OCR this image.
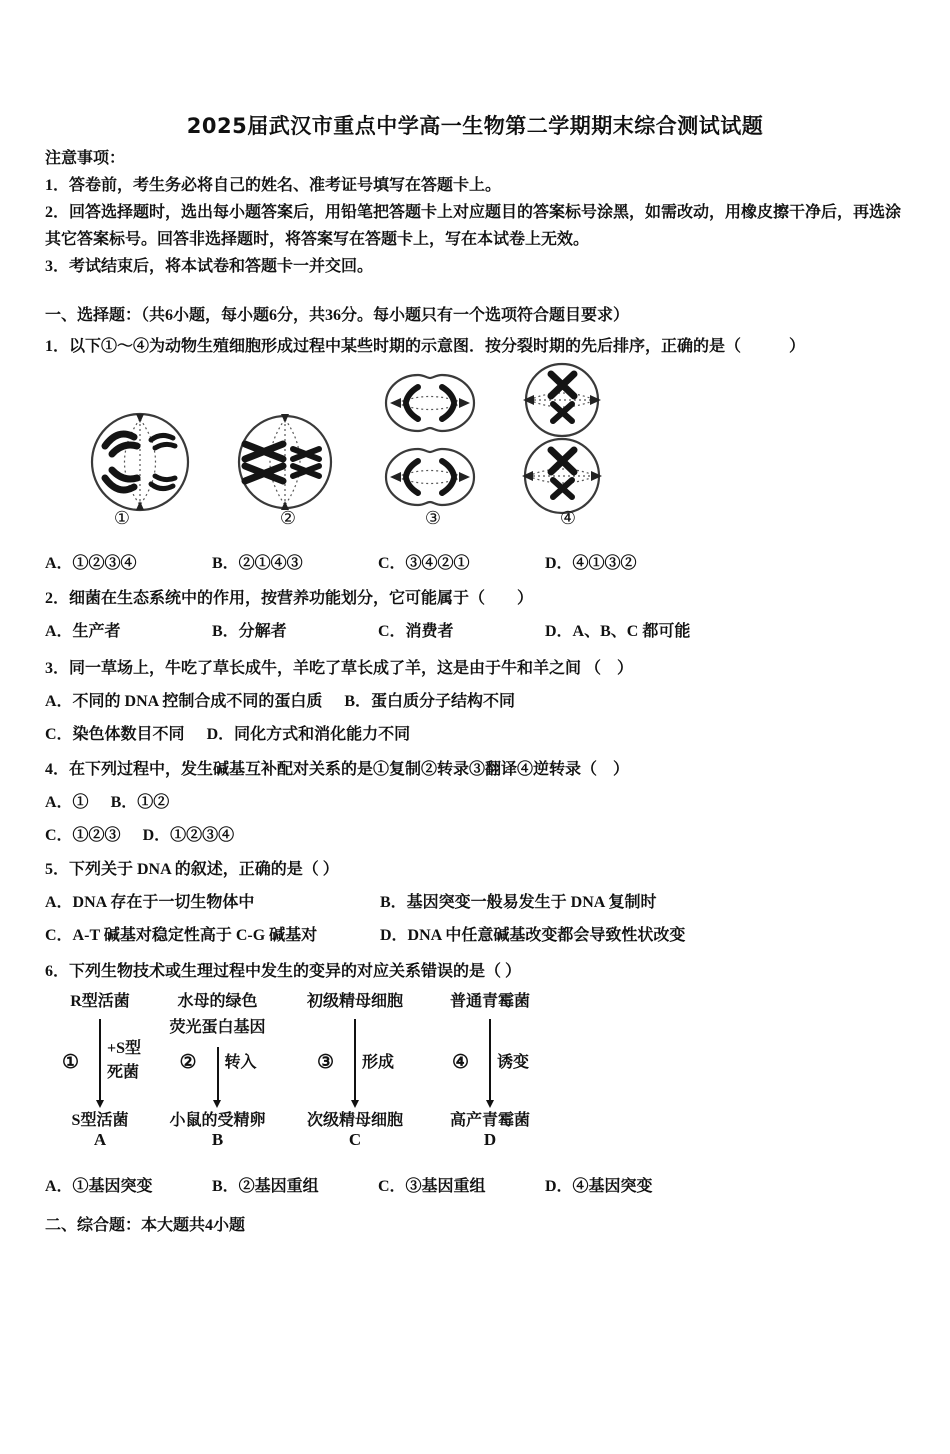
2025届武汉市重点中学高一生物第二学期期末综合测试试题

注意事项：

1．答卷前，考生务必将自己的姓名、准考证号填写在答题卡上。

2．回答选择题时，选出每小题答案后，用铅笔把答题卡上对应题目的答案标号涂黑，如需改动，用橡皮擦干净后，再选涂其它答案标号。回答非选择题时，将答案写在答题卡上，写在本试卷上无效。

3．考试结束后，将本试卷和答题卡一并交回。

一、选择题：（共6小题，每小题6分，共36分。每小题只有一个选项符合题目要求）

1．以下①～④为动物生殖细胞形成过程中某些时期的示意图．按分裂时期的先后排序，正确的是（　　　）

①	②	③	④
A．①②③④	B．②①④③	C．③④②①	D．④①③②

2．细菌在生态系统中的作用，按营养功能划分，它可能属于（　　）

A．生产者	B．分解者	C．消费者	D．A、B、C 都可能

3．同一草场上，牛吃了草长成牛，羊吃了草长成了羊，这是由于牛和羊之间 （　）

A．不同的 DNA 控制合成不同的蛋白质 B．蛋白质分子结构不同
C．染色体数目不同 D．同化方式和消化能力不同

4．在下列过程中，发生碱基互补配对关系的是①复制②转录③翻译④逆转录（　）

A．① B．①②
C．①②③ D．①②③④

5．下列关于 DNA 的叙述，正确的是（ ）

A．DNA 存在于一切生物体中	B．基因突变一般易发生于 DNA 复制时
C．A-T 碱基对稳定性高于 C-G 碱基对	D．DNA 中任意碱基改变都会导致性状改变

6．下列生物技术或生理过程中发生的变异的对应关系错误的是（ ）

R型活菌
①
+S型
死菌
S型活菌
A
水母的绿色
荧光蛋白基因
② 转入
小鼠的受精卵
B
初级精母细胞
③ 形成
次级精母细胞
C
普通青霉菌
④ 诱变
高产青霉菌
D
A．①基因突变	B．②基因重组	C．③基因重组	D．④基因突变

二、综合题：本大题共4小题
